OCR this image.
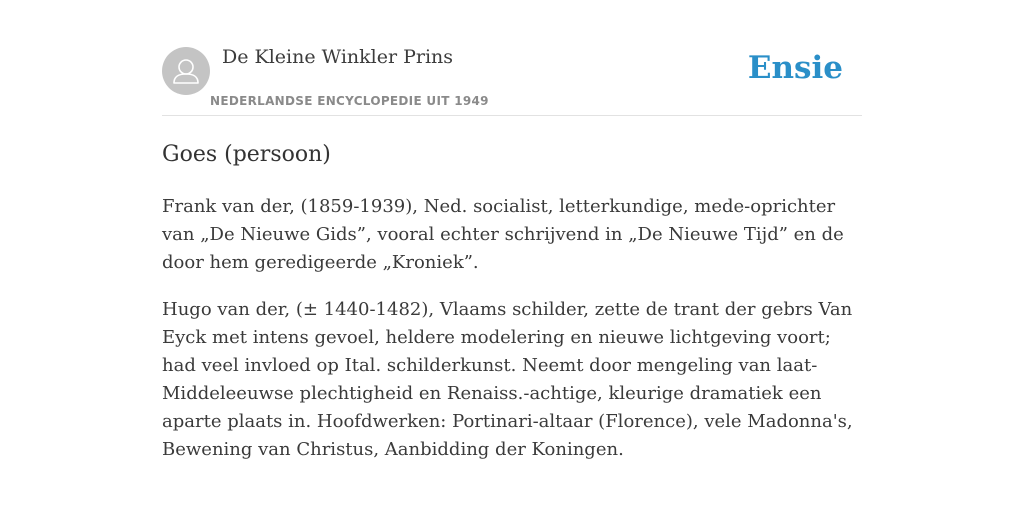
De Kleine Winkler Prins
NEDERLANDSE ENCYCLOPEDIE UIT 1949
Ensie
Goes (persoon)

Frank van der, (1859-1939), Ned. socialist, letterkundige, mede-oprichter van „De Nieuwe Gids”, vooral echter schrijvend in „De Nieuwe Tijd” en de door hem geredigeerde „Kroniek”.

Hugo van der, (± 1440-1482), Vlaams schilder, zette de trant der gebrs Van Eyck met intens gevoel, heldere modelering en nieuwe lichtgeving voort; had veel invloed op Ital. schilderkunst. Neemt door mengeling van laat-Middeleeuwse plechtigheid en Renaiss.-achtige, kleurige dramatiek een aparte plaats in. Hoofdwerken: Portinari-altaar (Florence), vele Madonna's, Bewening van Christus, Aanbidding der Koningen.
